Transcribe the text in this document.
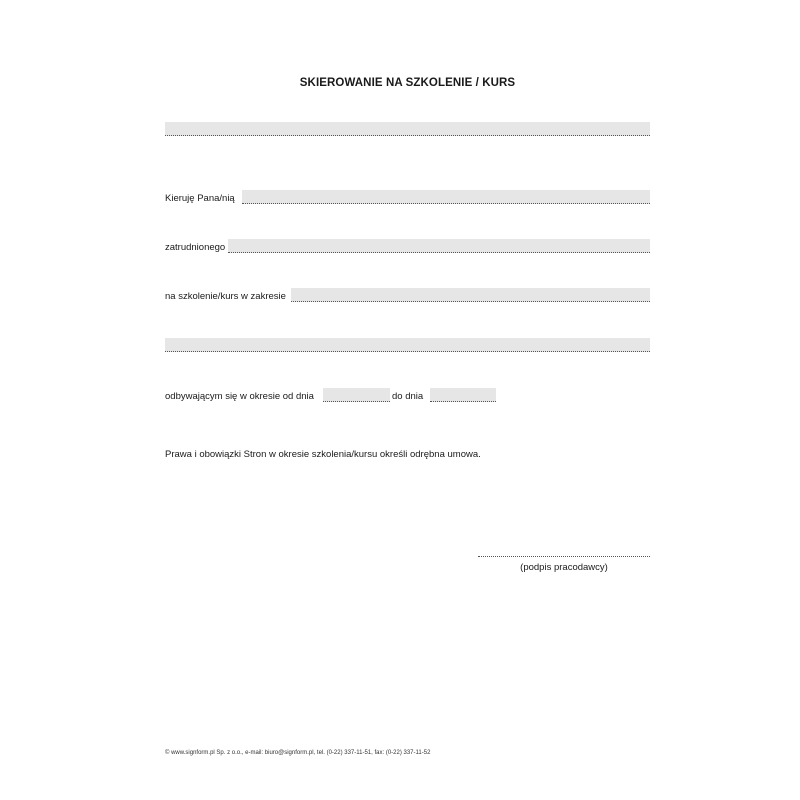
SKIEROWANIE NA SZKOLENIE / KURS
Kieruję Pana/nią
zatrudnionego
na szkolenie/kurs w zakresie
odbywającym się w okresie od dnia	do dnia
Prawa i obowiązki Stron w okresie szkolenia/kursu określi odrębna umowa.
(podpis pracodawcy)
© www.signform.pl Sp. z o.o., e-mail: biuro@signform.pl, tel. (0-22) 337-11-51, fax: (0-22) 337-11-52
